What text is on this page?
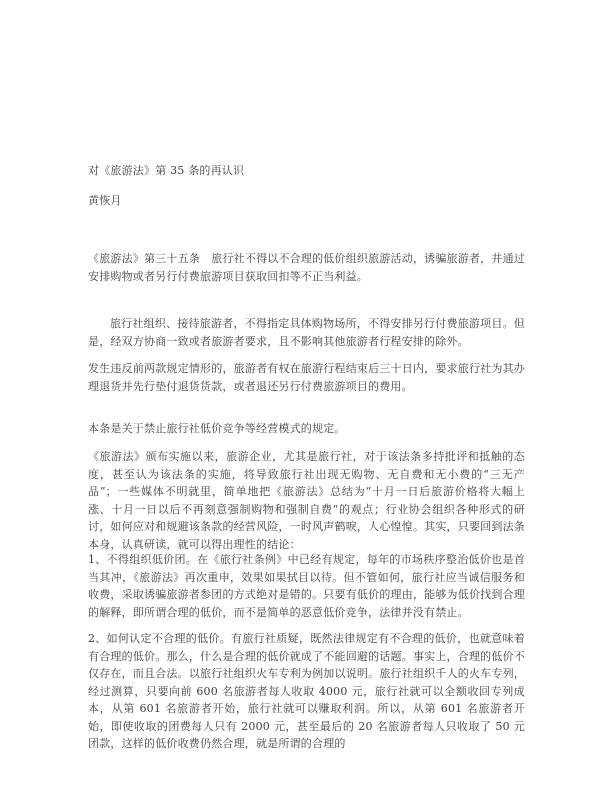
对《旅游法》第 35 条的再认识
黄恢月
《旅游法》第三十五条　旅行社不得以不合理的低价组织旅游活动，诱骗旅游者，并通过安排购物或者另行付费旅游项目获取回扣等不正当利益。
旅行社组织、接待旅游者，不得指定具体购物场所，不得安排另行付费旅游项目。但是，经双方协商一致或者旅游者要求，且不影响其他旅游者行程安排的除外。
发生违反前两款规定情形的，旅游者有权在旅游行程结束后三十日内，要求旅行社为其办理退货并先行垫付退货货款，或者退还另行付费旅游项目的费用。
本条是关于禁止旅行社低价竞争等经营模式的规定。
《旅游法》颁布实施以来，旅游企业，尤其是旅行社，对于该法条多持批评和抵触的态度，甚至认为该法条的实施，将导致旅行社出现无购物、无自费和无小费的“三无产品”；一些媒体不明就里，简单地把《旅游法》总结为“十月一日后旅游价格将大幅上涨、十月一日以后不再刻意强制购物和强制自费”的观点；行业协会组织各种形式的研讨，如何应对和规避该条款的经营风险，一时风声鹤唳，人心惶惶。其实，只要回到法条本身，认真研读，就可以得出理性的结论：
1、不得组织低价团。在《旅行社条例》中已经有规定，每年的市场秩序整治低价也是首当其冲，《旅游法》再次重申，效果如果拭目以待。但不管如何，旅行社应当诚信服务和收费，采取诱骗旅游者参团的方式绝对是错的。只要有低价的理由，能够为低价找到合理的解释，即所谓合理的低价，而不是简单的恶意低价竞争，法律并没有禁止。
2、如何认定不合理的低价。有旅行社质疑，既然法律规定有不合理的低价，也就意味着有合理的低价。那么，什么是合理的低价就成了不能回避的话题。事实上，合理的低价不仅存在，而且合法。以旅行社组织火车专利为例加以说明。旅行社组织千人的火车专列，经过测算，只要向前 600 名旅游者每人收取 4000 元，旅行社就可以全额收回专列成本，从第 601 名旅游者开始，旅行社就可以赚取利润。所以，从第 601 名旅游者开始，即使收取的团费每人只有 2000 元，甚至最后的 20 名旅游者每人只收取了 50 元团款，这样的低价收费仍然合理，就是所谓的合理的
